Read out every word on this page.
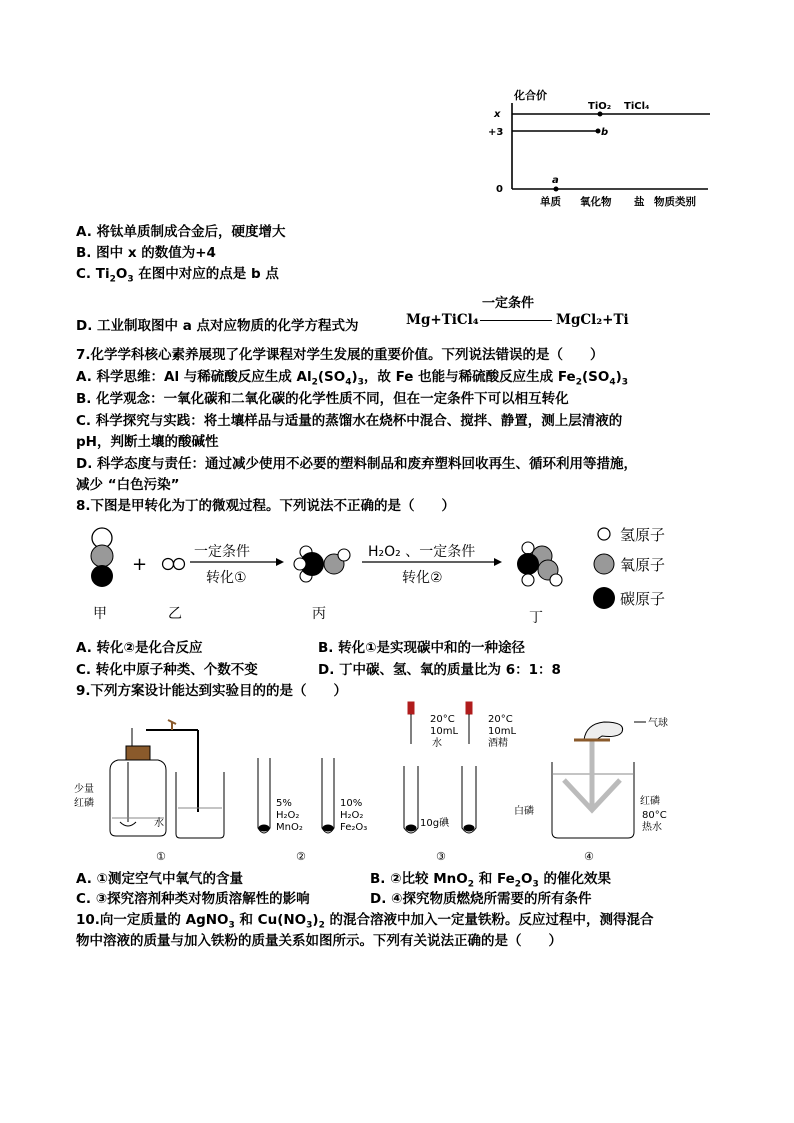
化合价
x
+3
0
TiO₂ TiCl₄
b
a
单质 氧化物 盐 物质类别
A. 将钛单质制成合金后，硬度增大
B. 图中 x 的数值为+4
C. $Ti_2O_3$ 在图中对应的点是 b 点
D. 工业制取图中 a 点对应物质的化学方程式为
一定条件
Mg+TiCl₄	MgCl₂+Ti
7.化学学科核心素养展现了化学课程对学生发展的重要价值。下列说法错误的是（　　）
A. 科学思维：Al 与稀硫酸反应生成 $Al_2(SO_4)_3$，故 Fe 也能与稀硫酸反应生成 $Fe_2(SO_4)_3$
B. 化学观念：一氧化碳和二氧化碳的化学性质不同，但在一定条件下可以相互转化
C. 科学探究与实践：将土壤样品与适量的蒸馏水在烧杯中混合、搅拌、静置，测上层清液的
pH，判断土壤的酸碱性
D. 科学态度与责任：通过减少使用不必要的塑料制品和废弃塑料回收再生、循环利用等措施，
减少 “白色污染”
8.下图是甲转化为丁的微观过程。下列说法不正确的是（　　）
+
一定条件
转化①
H₂O₂ 、一定条件
转化②
甲	乙	丙	丁
氢原子
氧原子
碳原子
A. 转化②是化合反应	B. 转化①是实现碳中和的一种途径
C. 转化中原子种类、个数不变	D. 丁中碳、氢、氧的质量比为 6：1：8
9.下列方案设计能达到实验目的的是（　　）
少量
红磷
水
①
5%
H₂O₂
MnO₂
10%
H₂O₂
Fe₂O₃
②
20°C
10mL
水
20°C
10mL
酒精
10g碘
③
气球
白磷
红磷
80°C
热水
④
A. ①测定空气中氧气的含量	B. ②比较 MnO$_2$ 和 $Fe_2O_3$ 的催化效果
C. ③探究溶剂种类对物质溶解性的影响	D. ④探究物质燃烧所需要的所有条件
10.向一定质量的 AgNO$_3$ 和 $Cu(NO_3)_2$ 的混合溶液中加入一定量铁粉。反应过程中，测得混合
物中溶液的质量与加入铁粉的质量关系如图所示。下列有关说法正确的是（　　）
